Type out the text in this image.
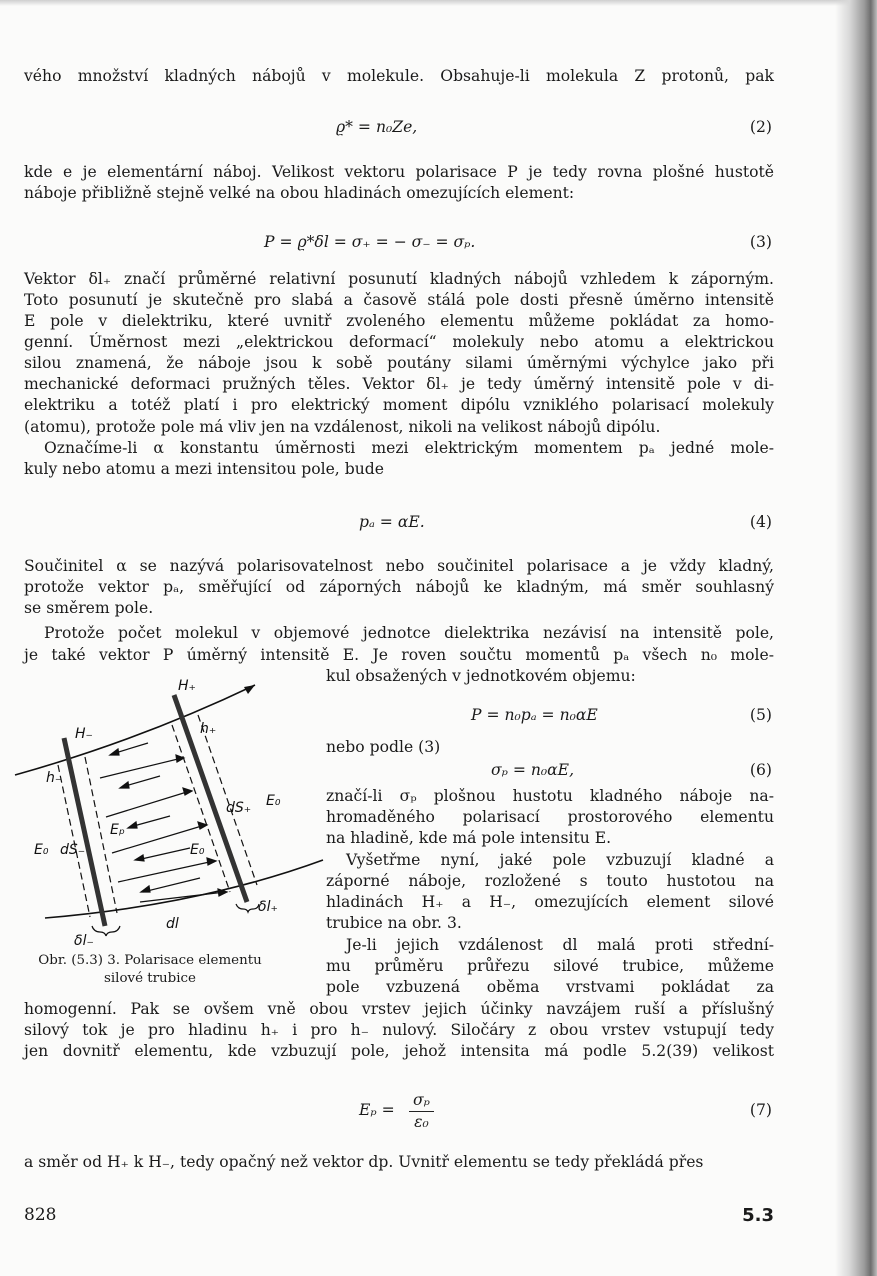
vého množství kladných nábojů v molekule. Obsahuje-li molekula Z protonů, pak
ϱ* = n₀Ze,	(2)
kde e je elementární náboj. Velikost vektoru polarisace P je tedy rovna plošné hustotě
náboje přibližně stejně velké na obou hladinách omezujících element:
P = ϱ*δl = σ₊ = − σ₋ = σₚ.	(3)
Vektor δl₊ značí průměrné relativní posunutí kladných nábojů vzhledem k záporným.
Toto posunutí je skutečně pro slabá a časově stálá pole dosti přesně úměrno intensitě
E pole v dielektriku, které uvnitř zvoleného elementu můžeme pokládat za homo-
genní. Úměrnost mezi „elektrickou deformací“ molekuly nebo atomu a elektrickou
silou znamená, že náboje jsou k sobě poutány silami úměrnými výchylce jako při
mechanické deformaci pružných těles. Vektor δl₊ je tedy úměrný intensitě pole v di-
elektriku a totéž platí i pro elektrický moment dipólu vzniklého polarisací molekuly
(atomu), protože pole má vliv jen na vzdálenost, nikoli na velikost nábojů dipólu.
Označíme-li α konstantu úměrnosti mezi elektrickým momentem pₐ jedné mole-
kuly nebo atomu a mezi intensitou pole, bude
pₐ = αE.	(4)
Součinitel α se nazývá polarisovatelnost nebo součinitel polarisace a je vždy kladný,
protože vektor pₐ, směřující od záporných nábojů ke kladným, má směr souhlasný
se směrem pole.
Protože počet molekul v objemové jednotce dielektrika nezávisí na intensitě pole,
je také vektor P úměrný intensitě E. Je roven součtu momentů pₐ všech n₀ mole-
kul obsažených v jednotkovém objemu:
P = n₀pₐ = n₀αE	(5)
nebo podle (3)
σₚ = n₀αE,	(6)
značí-li σₚ plošnou hustotu kladného náboje na-
hromaděného polarisací prostorového elementu
na hladině, kde má pole intensitu E.
Vyšetřme nyní, jaké pole vzbuzují kladné a
záporné náboje, rozložené s touto hustotou na
hladinách H₊ a H₋, omezujících element silové
trubice na obr. 3.
Je-li jejich vzdálenost dl malá proti střední-
mu průměru průřezu silové trubice, můžeme
pole vzbuzená oběma vrstvami pokládat za
homogenní. Pak se ovšem vně obou vrstev jejich účinky navzájem ruší a příslušný
silový tok je pro hladinu h₊ i pro h₋ nulový. Siločáry z obou vrstev vstupují tedy
jen dovnitř elementu, kde vzbuzují pole, jehož intensita má podle 5.2(39) velikost
$E_p = \frac{\text{σₚ}}{\text{ε₀}}$	(7)
a směr od H₊ k H₋, tedy opačný než vektor dp. Uvnitř elementu se tedy překládá přes
H₊
H₋	h₊
h₋
dS₊ E₀
Eₚ
E₀ dS₋	E₀
dl
δl₊
δl₋
Obr. (5.3) 3. Polarisace elementu
silové trubice
828	5.3
